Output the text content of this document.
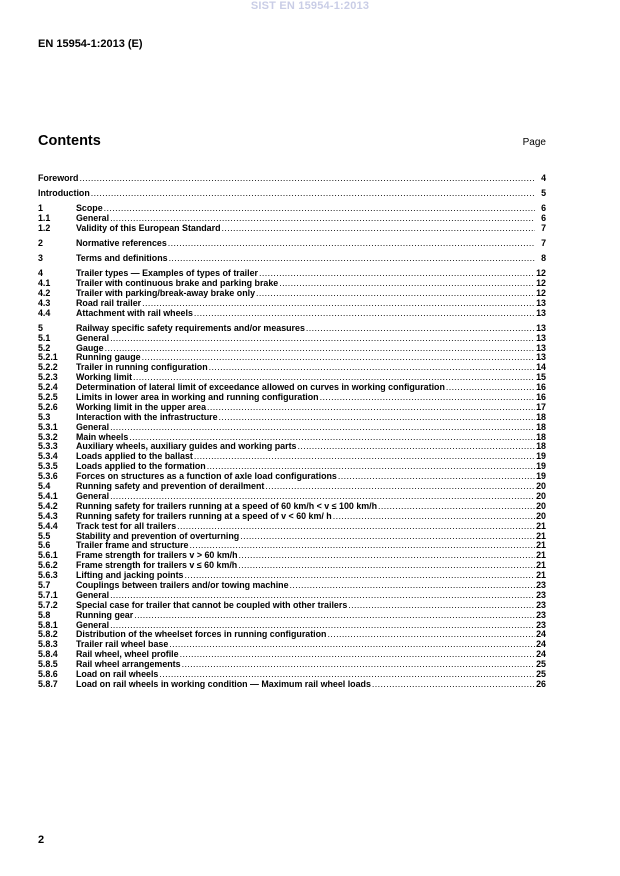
SIST EN 15954-1:2013
EN 15954-1:2013 (E)
Contents	Page
Foreword .....	4
Introduction .....	5
1	Scope .....	6
1.1	General .....	6
1.2	Validity of this European Standard .....	7
2	Normative references .....	7
3	Terms and definitions .....	8
4	Trailer types — Examples of types of trailer .....	12
4.1	Trailer with continuous brake and parking brake .....	12
4.2	Trailer with parking/break-away brake only .....	12
4.3	Road rail trailer .....	13
4.4	Attachment with rail wheels .....	13
5	Railway specific safety requirements and/or measures .....	13
5.1	General .....	13
5.2	Gauge .....	13
5.2.1	Running gauge .....	13
5.2.2	Trailer in running configuration .....	14
5.2.3	Working limit .....	15
5.2.4	Determination of lateral limit of exceedance allowed on curves in working configuration .....	16
5.2.5	Limits in lower area in working and running configuration .....	16
5.2.6	Working limit in the upper area .....	17
5.3	Interaction with the infrastructure .....	18
5.3.1	General .....	18
5.3.2	Main wheels .....	18
5.3.3	Auxiliary wheels, auxiliary guides and working parts .....	18
5.3.4	Loads applied to the ballast .....	19
5.3.5	Loads applied to the formation .....	19
5.3.6	Forces on structures as a function of axle load configurations .....	19
5.4	Running safety and prevention of derailment .....	20
5.4.1	General .....	20
5.4.2	Running safety for trailers running at a speed of 60 km/h < v ≤ 100 km/h .....	20
5.4.3	Running safety for trailers running at a speed of v < 60 km/ h .....	20
5.4.4	Track test for all trailers .....	21
5.5	Stability and prevention of overturning .....	21
5.6	Trailer frame and structure .....	21
5.6.1	Frame strength for trailers v > 60 km/h .....	21
5.6.2	Frame strength for trailers v ≤ 60 km/h .....	21
5.6.3	Lifting and jacking points .....	21
5.7	Couplings between trailers and/or towing machine .....	23
5.7.1	General .....	23
5.7.2	Special case for trailer that cannot be coupled with other trailers .....	23
5.8	Running gear .....	23
5.8.1	General .....	23
5.8.2	Distribution of the wheelset forces in running configuration .....	24
5.8.3	Trailer rail wheel base .....	24
5.8.4	Rail wheel, wheel profile .....	24
5.8.5	Rail wheel arrangements .....	25
5.8.6	Load on rail wheels .....	25
5.8.7	Load on rail wheels in working condition — Maximum rail wheel loads .....	26
2
